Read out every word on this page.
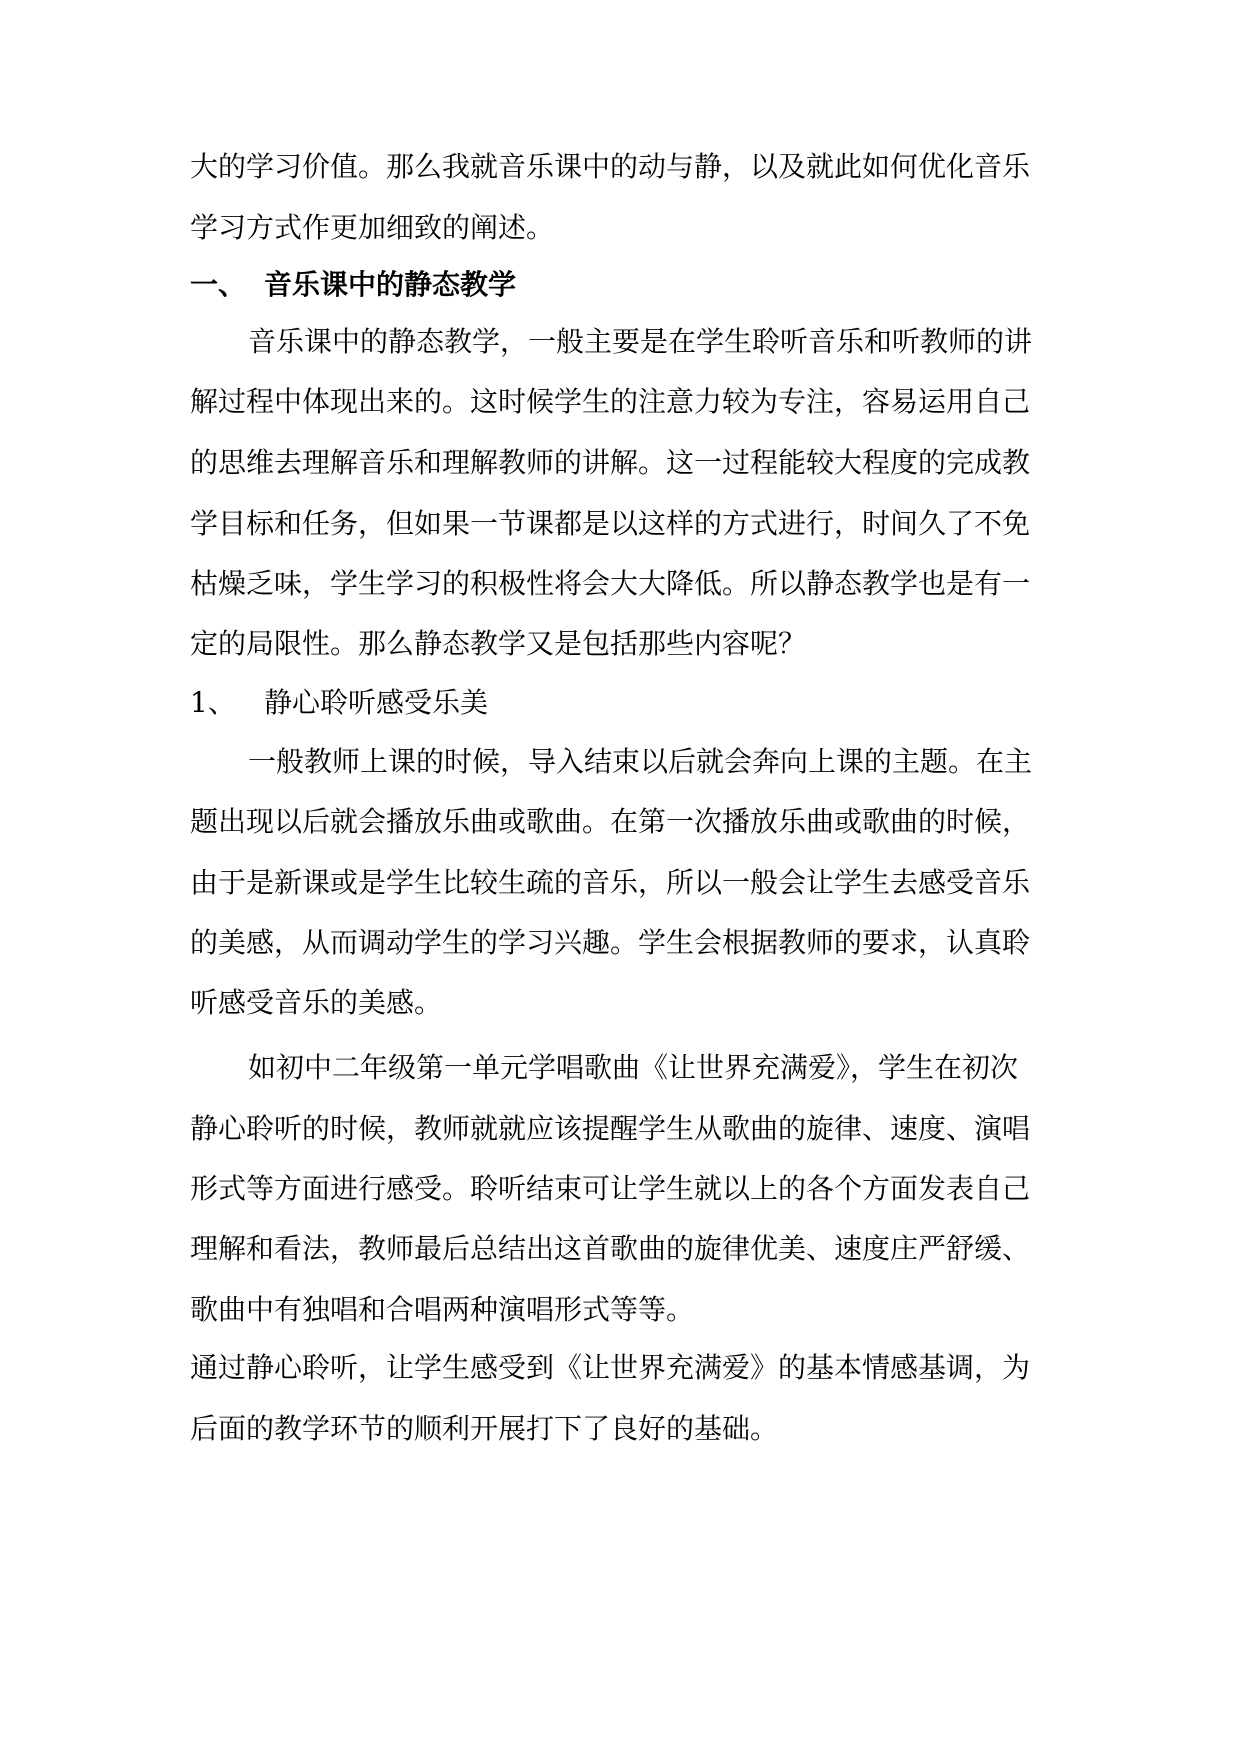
大的学习价值。那么我就音乐课中的动与静，以及就此如何优化音乐
学习方式作更加细致的阐述。
一、 音乐课中的静态教学
音乐课中的静态教学，一般主要是在学生聆听音乐和听教师的讲
解过程中体现出来的。这时候学生的注意力较为专注，容易运用自己
的思维去理解音乐和理解教师的讲解。这一过程能较大程度的完成教
学目标和任务，但如果一节课都是以这样的方式进行，时间久了不免
枯燥乏味，学生学习的积极性将会大大降低。所以静态教学也是有一
定的局限性。那么静态教学又是包括那些内容呢？
1、 静心聆听感受乐美
一般教师上课的时候，导入结束以后就会奔向上课的主题。在主
题出现以后就会播放乐曲或歌曲。在第一次播放乐曲或歌曲的时候，
由于是新课或是学生比较生疏的音乐，所以一般会让学生去感受音乐
的美感，从而调动学生的学习兴趣。学生会根据教师的要求，认真聆
听感受音乐的美感。
如初中二年级第一单元学唱歌曲《让世界充满爱》，学生在初次
静心聆听的时候，教师就就应该提醒学生从歌曲的旋律、速度、演唱
形式等方面进行感受。聆听结束可让学生就以上的各个方面发表自己
理解和看法，教师最后总结出这首歌曲的旋律优美、速度庄严舒缓、
歌曲中有独唱和合唱两种演唱形式等等。
通过静心聆听，让学生感受到《让世界充满爱》的基本情感基调，为
后面的教学环节的顺利开展打下了良好的基础。
